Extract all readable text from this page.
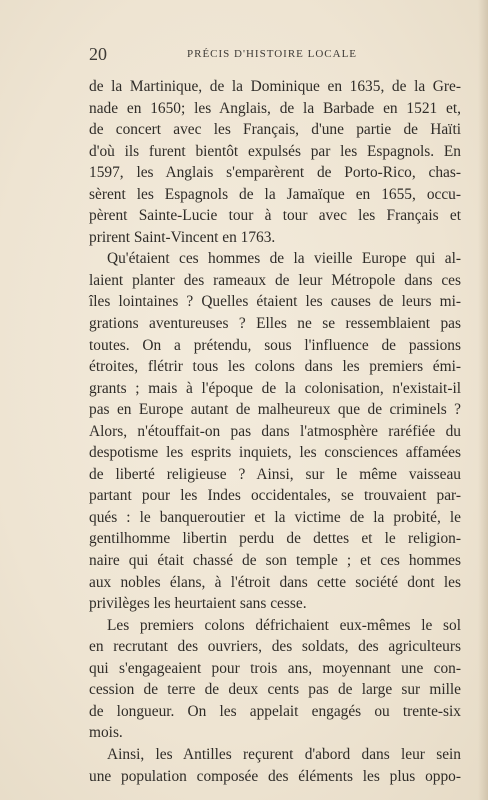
20	PRÉCIS D'HISTOIRE LOCALE
de la Martinique, de la Dominique en 1635, de la Gre-
nade en 1650; les Anglais, de la Barbade en 1521 et,
de concert avec les Français, d'une partie de Haïti
d'où ils furent bientôt expulsés par les Espagnols. En
1597, les Anglais s'emparèrent de Porto-Rico, chas-
sèrent les Espagnols de la Jamaïque en 1655, occu-
pèrent Sainte-Lucie tour à tour avec les Français et
prirent Saint-Vincent en 1763.
Qu'étaient ces hommes de la vieille Europe qui al-
laient planter des rameaux de leur Métropole dans ces
îles lointaines ? Quelles étaient les causes de leurs mi-
grations aventureuses ? Elles ne se ressemblaient pas
toutes. On a prétendu, sous l'influence de passions
étroites, flétrir tous les colons dans les premiers émi-
grants ; mais à l'époque de la colonisation, n'existait-il
pas en Europe autant de malheureux que de criminels ?
Alors, n'étouffait-on pas dans l'atmosphère raréfiée du
despotisme les esprits inquiets, les consciences affamées
de liberté religieuse ? Ainsi, sur le même vaisseau
partant pour les Indes occidentales, se trouvaient par-
qués : le banqueroutier et la victime de la probité, le
gentilhomme libertin perdu de dettes et le religion-
naire qui était chassé de son temple ; et ces hommes
aux nobles élans, à l'étroit dans cette société dont les
privilèges les heurtaient sans cesse.
Les premiers colons défrichaient eux-mêmes le sol
en recrutant des ouvriers, des soldats, des agriculteurs
qui s'engageaient pour trois ans, moyennant une con-
cession de terre de deux cents pas de large sur mille
de longueur. On les appelait engagés ou trente-six
mois.
Ainsi, les Antilles reçurent d'abord dans leur sein
une population composée des éléments les plus oppo-
